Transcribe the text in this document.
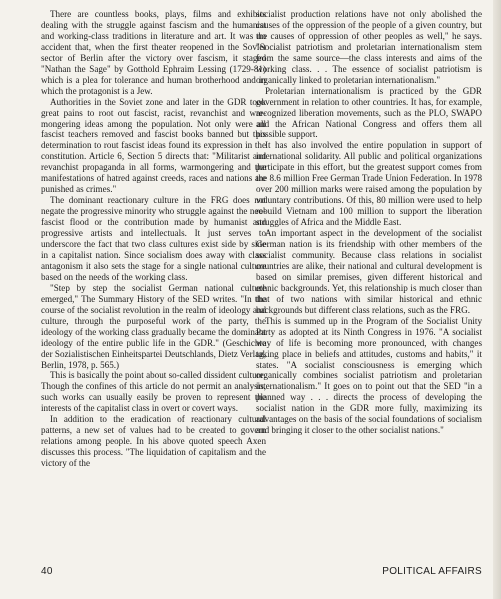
There are countless books, plays, films and exhibits dealing with the struggle against fascism and the humanist and working-class traditions in literature and art. It was no accident that, when the first theater reopened in the Soviet sector of Berlin after the victory over fascism, it staged "Nathan the Sage" by Gotthold Ephraim Lessing (1729-81) which is a plea for tolerance and human brotherhood and in which the protagonist is a Jew.

Authorities in the Soviet zone and later in the GDR took great pains to root out fascist, racist, revanchist and war-mongering ideas among the population. Not only were all fascist teachers removed and fascist books banned but this determination to rout fascist ideas found its expression in the constitution. Article 6, Section 5 directs that: "Militarist and revanchist propaganda in all forms, warmongering and the manifestations of hatred against creeds, races and nations are punished as crimes."

The dominant reactionary culture in the FRG does not negate the progressive minority who struggle against the neo-fascist flood or the contribution made by humanist and progressive artists and intellectuals. It just serves to underscore the fact that two class cultures exist side by side in a capitalist nation. Since socialism does away with class antagonism it also sets the stage for a single national culture based on the needs of the working class.

"Step by step the socialist German national culture emerged," The Summary History of the SED writes. "In the course of the socialist revolution in the realm of ideology and culture, through the purposeful work of the party, the ideology of the working class gradually became the dominant ideology of the entire public life in the GDR." (Geschichte der Sozialistischen Einheitspartei Deutschlands, Dietz Verlag, Berlin, 1978, p. 565.)

This is basically the point about so-called dissident culture. Though the confines of this article do not permit an analysis, such works can usually easily be proven to represent the interests of the capitalist class in overt or covert ways.

In addition to the eradication of reactionary cultural patterns, a new set of values had to be created to govern relations among people. In his above quoted speech Axen discusses this process. "The liquidation of capitalism and the victory of the

socialist production relations have not only abolished the causes of the oppression of the people of a given country, but the causes of oppression of other peoples as well," he says. "Socialist patriotism and proletarian internationalism stem from the same source—the class interests and aims of the working class. . . The essence of socialist patriotism is organically linked to proletarian internationalism."

Proletarian internationalism is practiced by the GDR government in relation to other countries. It has, for example, recognized liberation movements, such as the PLO, SWAPO and the African National Congress and offers them all possible support.

It has also involved the entire population in support of international solidarity. All public and political organizations participate in this effort, but the greatest support comes from the 8.6 million Free German Trade Union Federation. In 1978 over 200 million marks were raised among the population by voluntary contributions. Of this, 80 million were used to help rebuild Vietnam and 100 million to support the liberation struggles of Africa and the Middle East.

An important aspect in the development of the socialist German nation is its friendship with other members of the socialist community. Because class relations in socialist countries are alike, their national and cultural development is based on similar premises, given different historical and ethnic backgrounds. Yet, this relationship is much closer than that of two nations with similar historical and ethnic backgrounds but different class relations, such as the FRG.

This is summed up in the Program of the Socialist Unity Party as adopted at its Ninth Congress in 1976. "A socialist way of life is becoming more pronounced, with changes taking place in beliefs and attitudes, customs and habits," it states. "A socialist consciousness is emerging which organically combines socialist patriotism and proletarian internationalism." It goes on to point out that the SED "in a planned way . . . directs the process of developing the socialist nation in the GDR more fully, maximizing its advantages on the basis of the social foundations of socialism and bringing it closer to the other socialist nations."

40	POLITICAL AFFAIRS
